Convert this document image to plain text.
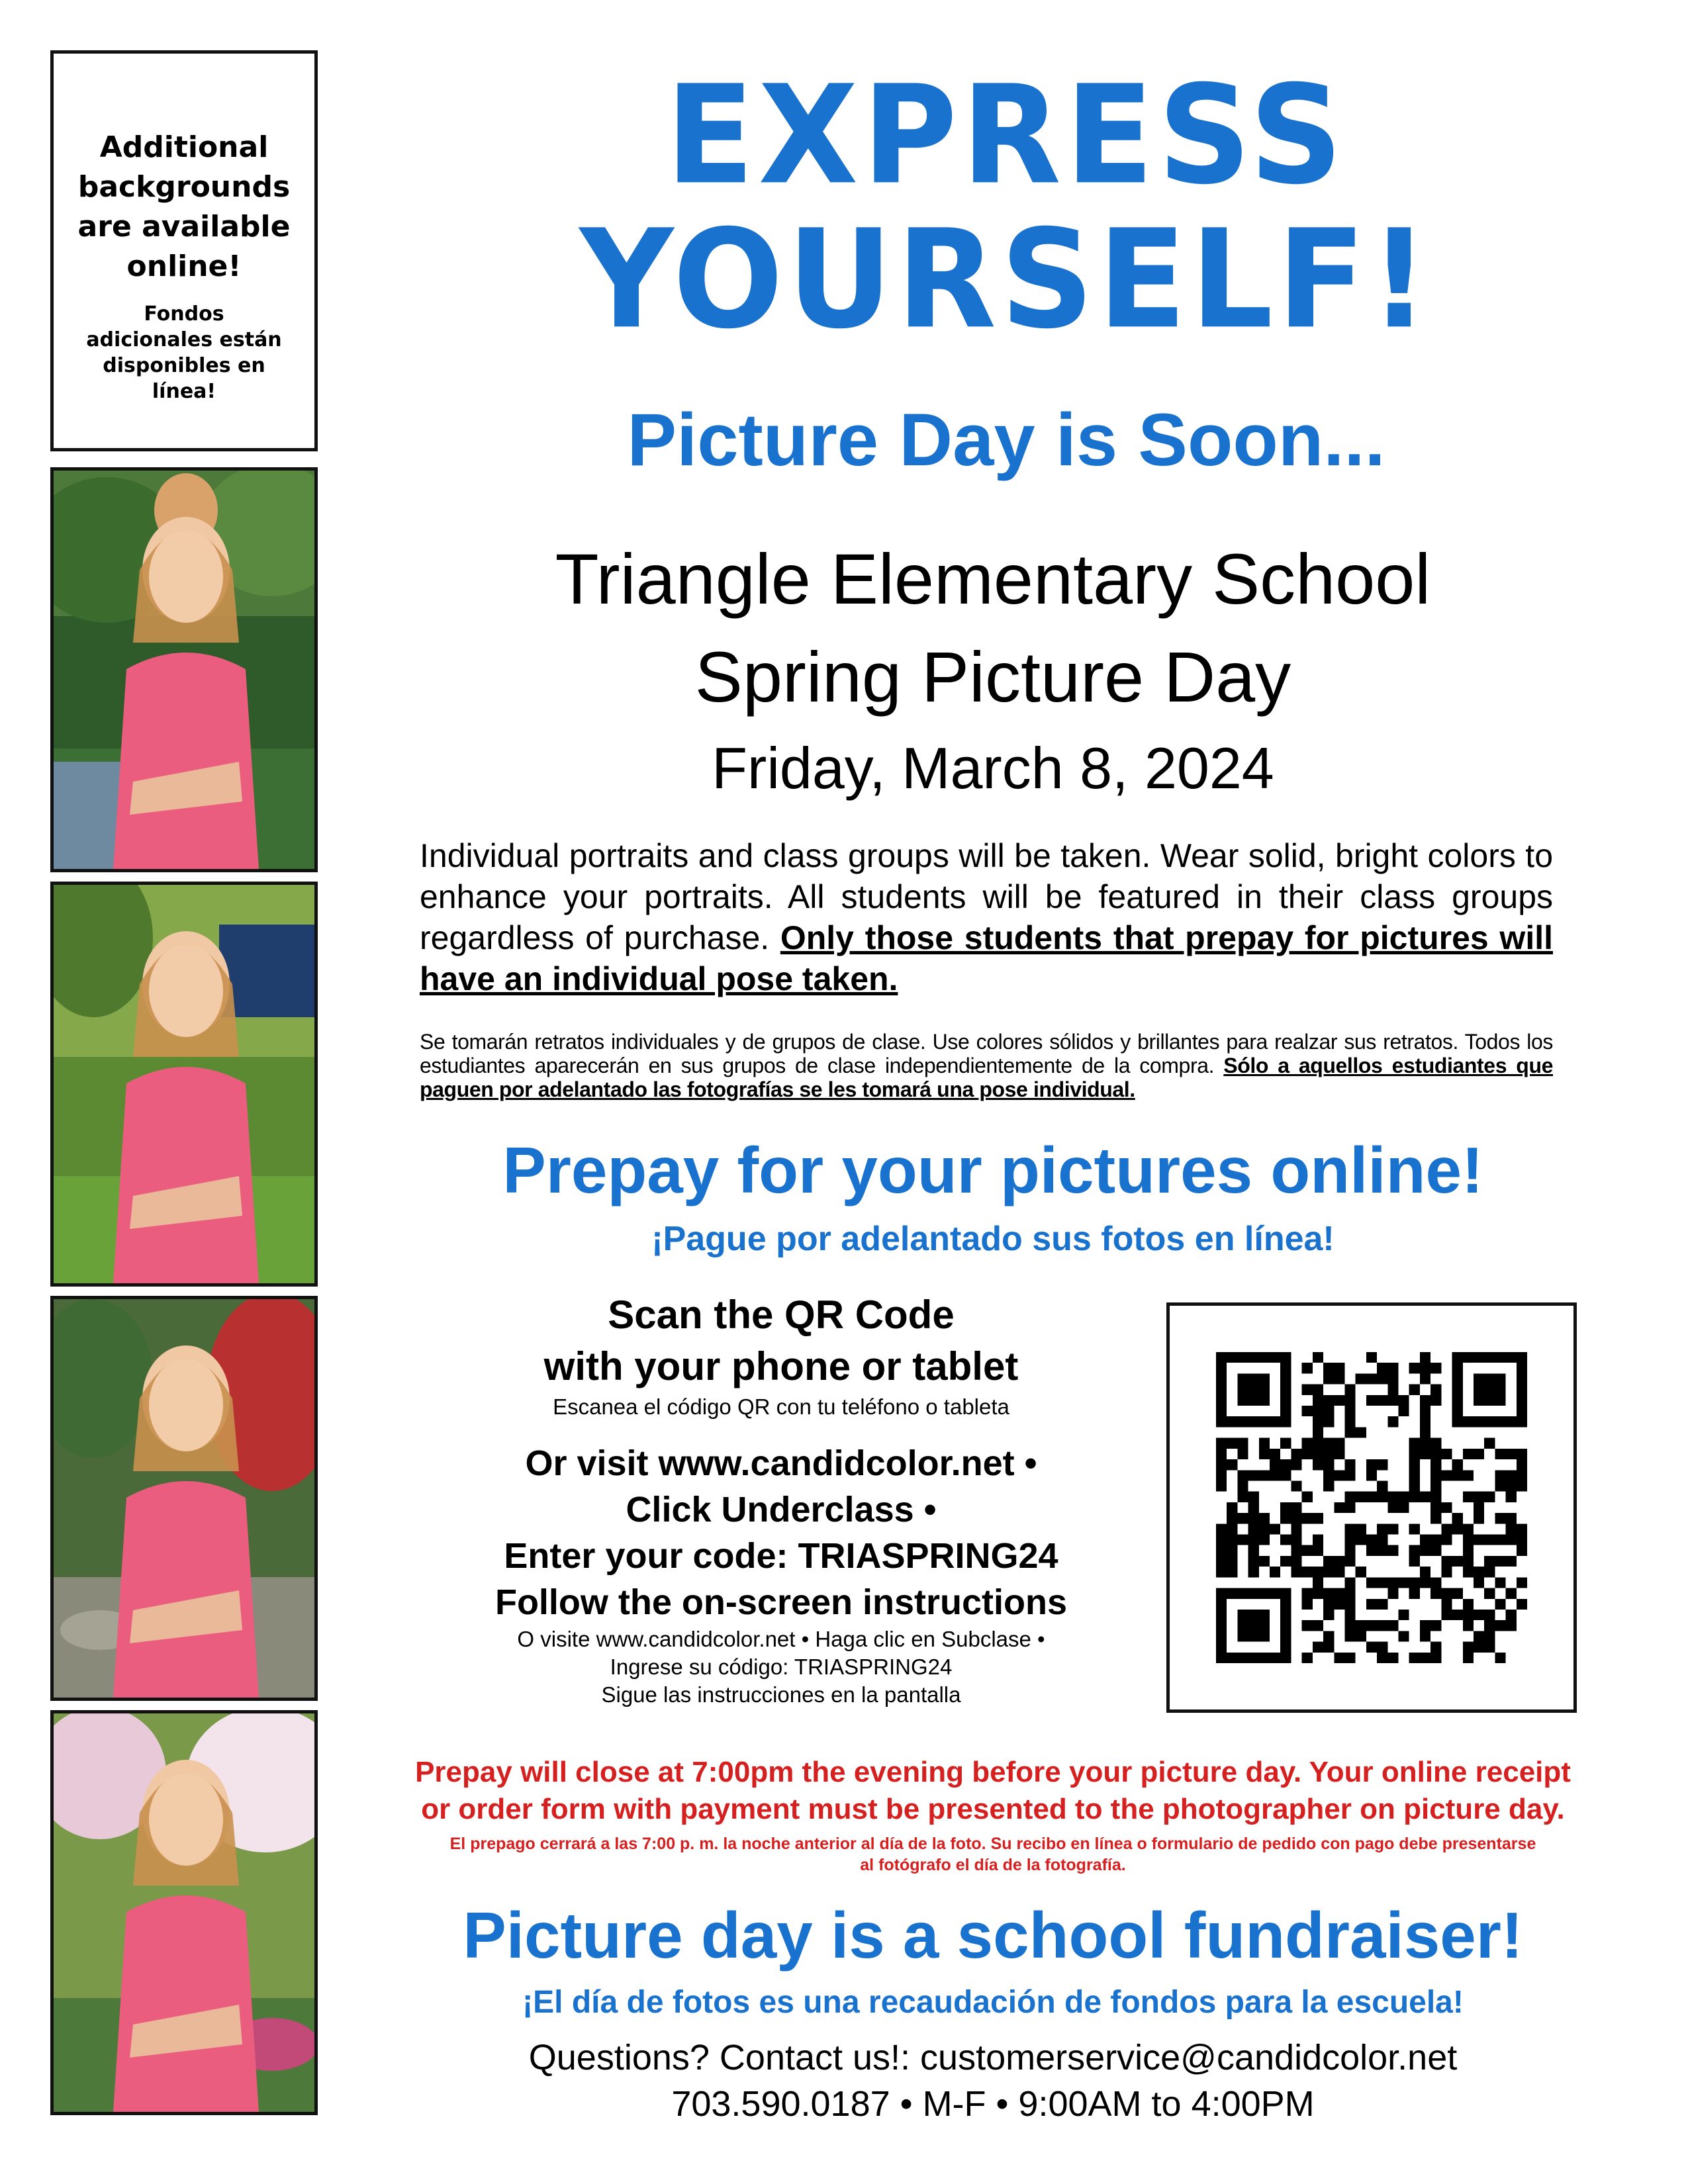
Additional backgrounds are available online!
Fondos adicionales están disponibles en línea!
EXPRESS
YOURSELF!
Picture Day is Soon...
Triangle Elementary School
Spring Picture Day
Friday, March 8, 2024
Individual portraits and class groups will be taken. Wear solid, bright colors to enhance your portraits. All students will be featured in their class groups regardless of purchase. Only those students that prepay for pictures will have an individual pose taken.
Se tomarán retratos individuales y de grupos de clase. Use colores sólidos y brillantes para realzar sus retratos. Todos los estudiantes aparecerán en sus grupos de clase independientemente de la compra. Sólo a aquellos estudiantes que paguen por adelantado las fotografías se les tomará una pose individual.
Prepay for your pictures online!
¡Pague por adelantado sus fotos en línea!
Scan the QR Code
with your phone or tablet
Escanea el código QR con tu teléfono o tableta
Or visit www.candidcolor.net •
Click Underclass •
Enter your code: TRIASPRING24
Follow the on-screen instructions
O visite www.candidcolor.net • Haga clic en Subclase •
Ingrese su código: TRIASPRING24
Sigue las instrucciones en la pantalla
Prepay will close at 7:00pm the evening before your picture day. Your online receipt
or order form with payment must be presented to the photographer on picture day.
El prepago cerrará a las 7:00 p. m. la noche anterior al día de la foto. Su recibo en línea o formulario de pedido con pago debe presentarse
al fotógrafo el día de la fotografía.
Picture day is a school fundraiser!
¡El día de fotos es una recaudación de fondos para la escuela!
Questions? Contact us!: customerservice@candidcolor.net
703.590.0187 • M-F • 9:00AM to 4:00PM
